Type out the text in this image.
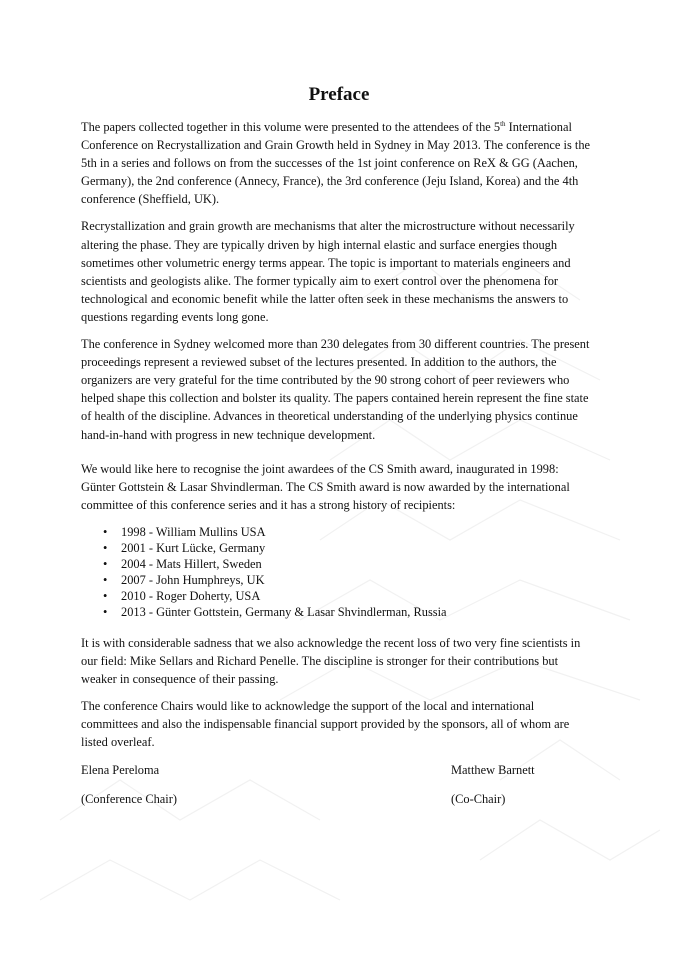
Preface

The papers collected together in this volume were presented to the attendees of the 5th International Conference on Recrystallization and Grain Growth held in Sydney in May 2013. The conference is the 5th in a series and follows on from the successes of the 1st joint conference on ReX & GG (Aachen, Germany), the 2nd conference (Annecy, France), the 3rd conference (Jeju Island, Korea) and the 4th conference (Sheffield, UK).

Recrystallization and grain growth are mechanisms that alter the microstructure without necessarily altering the phase. They are typically driven by high internal elastic and surface energies though sometimes other volumetric energy terms appear. The topic is important to materials engineers and scientists and geologists alike. The former typically aim to exert control over the phenomena for technological and economic benefit while the latter often seek in these mechanisms the answers to questions regarding events long gone.

The conference in Sydney welcomed more than 230 delegates from 30 different countries. The present proceedings represent a reviewed subset of the lectures presented. In addition to the authors, the organizers are very grateful for the time contributed by the 90 strong cohort of peer reviewers who helped shape this collection and bolster its quality. The papers contained herein represent the fine state of health of the discipline. Advances in theoretical understanding of the underlying physics continue hand-in-hand with progress in new technique development.

We would like here to recognise the joint awardees of the CS Smith award, inaugurated in 1998: Günter Gottstein & Lasar Shvindlerman. The CS Smith award is now awarded by the international committee of this conference series and it has a strong history of recipients:

• 1998 - William Mullins USA
• 2001 - Kurt Lücke, Germany
• 2004 - Mats Hillert, Sweden
• 2007 - John Humphreys, UK
• 2010 - Roger Doherty, USA
• 2013 - Günter Gottstein, Germany & Lasar Shvindlerman, Russia

It is with considerable sadness that we also acknowledge the recent loss of two very fine scientists in our field: Mike Sellars and Richard Penelle. The discipline is stronger for their contributions but weaker in consequence of their passing.

The conference Chairs would like to acknowledge the support of the local and international committees and also the indispensable financial support provided by the sponsors, all of whom are listed overleaf.

Elena Pereloma	Matthew Barnett
(Conference Chair)	(Co-Chair)
